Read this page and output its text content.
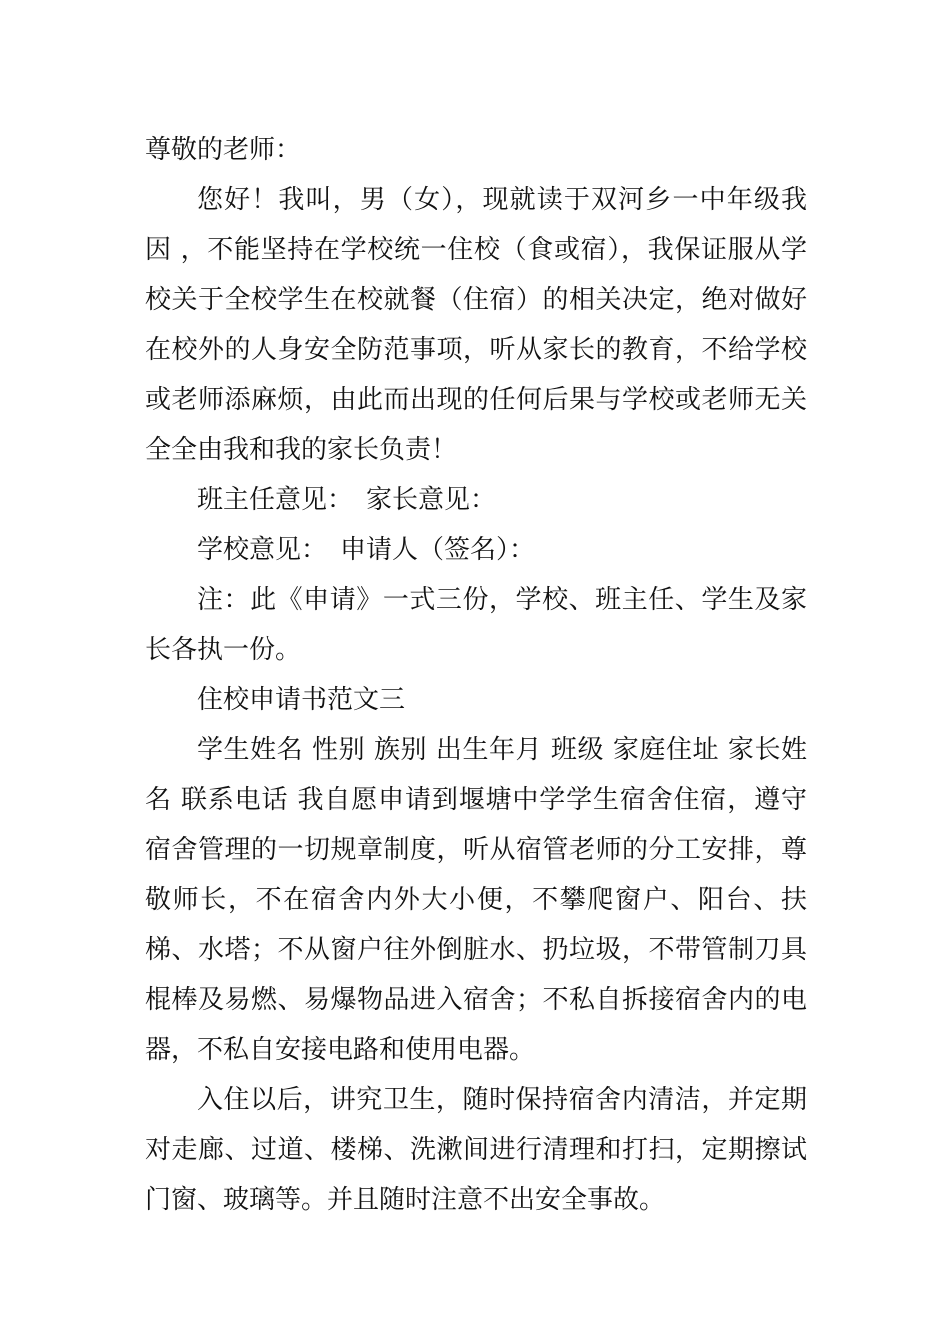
尊敬的老师：

您好！我叫，男（女），现就读于双河乡一中年级我因 ，不能坚持在学校统一住校（食或宿），我保证服从学校关于全校学生在校就餐（住宿）的相关决定，绝对做好在校外的人身安全防范事项，听从家长的教育，不给学校或老师添麻烦，由此而出现的任何后果与学校或老师无关全全由我和我的家长负责！

班主任意见：　家长意见：

学校意见：　申请人（签名）：

注：此《申请》一式三份，学校、班主任、学生及家长各执一份。

住校申请书范文三

学生姓名 性别 族别 出生年月 班级 家庭住址 家长姓名 联系电话 我自愿申请到堰塘中学学生宿舍住宿，遵守宿舍管理的一切规章制度，听从宿管老师的分工安排，尊敬师长，不在宿舍内外大小便，不攀爬窗户、阳台、扶梯、水塔；不从窗户往外倒脏水、扔垃圾，不带管制刀具棍棒及易燃、易爆物品进入宿舍；不私自拆接宿舍内的电器，不私自安接电路和使用电器。

入住以后，讲究卫生，随时保持宿舍内清洁，并定期对走廊、过道、楼梯、洗漱间进行清理和打扫，定期擦试门窗、玻璃等。并且随时注意不出安全事故。
